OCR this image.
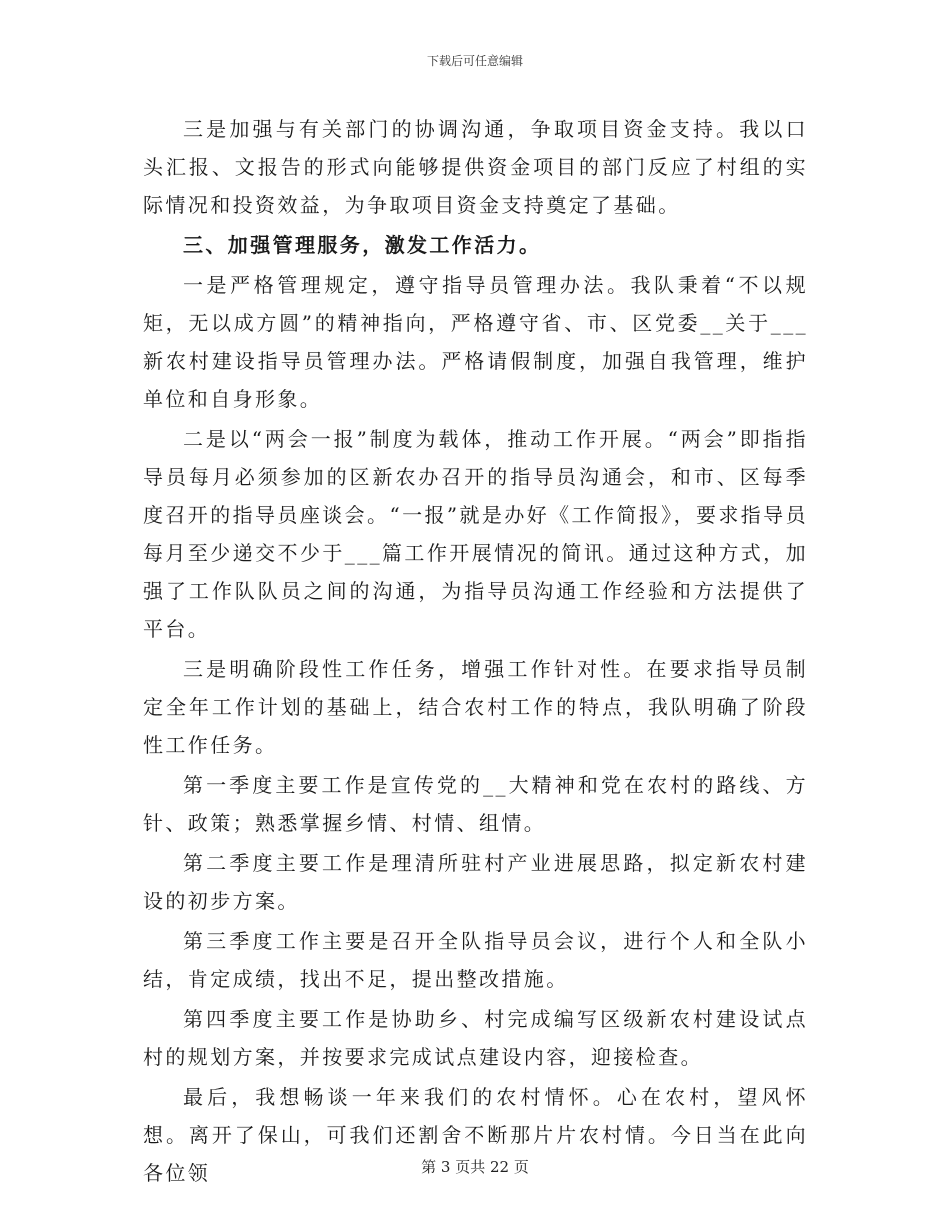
下载后可任意编辑

三是加强与有关部门的协调沟通，争取项目资金支持。我以口头汇报、文报告的形式向能够提供资金项目的部门反应了村组的实际情况和投资效益，为争取项目资金支持奠定了基础。

三、加强管理服务，激发工作活力。

一是严格管理规定，遵守指导员管理办法。我队秉着“不以规矩，无以成方圆”的精神指向，严格遵守省、市、区党委__关于___新农村建设指导员管理办法。严格请假制度，加强自我管理，维护单位和自身形象。

二是以“两会一报”制度为载体，推动工作开展。“两会”即指指导员每月必须参加的区新农办召开的指导员沟通会，和市、区每季度召开的指导员座谈会。“一报”就是办好《工作简报》，要求指导员每月至少递交不少于___篇工作开展情况的简讯。通过这种方式，加强了工作队队员之间的沟通，为指导员沟通工作经验和方法提供了平台。

三是明确阶段性工作任务，增强工作针对性。在要求指导员制定全年工作计划的基础上，结合农村工作的特点，我队明确了阶段性工作任务。

第一季度主要工作是宣传党的__大精神和党在农村的路线、方针、政策；熟悉掌握乡情、村情、组情。

第二季度主要工作是理清所驻村产业进展思路，拟定新农村建设的初步方案。

第三季度工作主要是召开全队指导员会议，进行个人和全队小结，肯定成绩，找出不足，提出整改措施。

第四季度主要工作是协助乡、村完成编写区级新农村建设试点村的规划方案，并按要求完成试点建设内容，迎接检查。

最后，我想畅谈一年来我们的农村情怀。心在农村，望风怀想。离开了保山，可我们还割舍不断那片片农村情。今日当在此向各位领	第 3 页共 22 页
